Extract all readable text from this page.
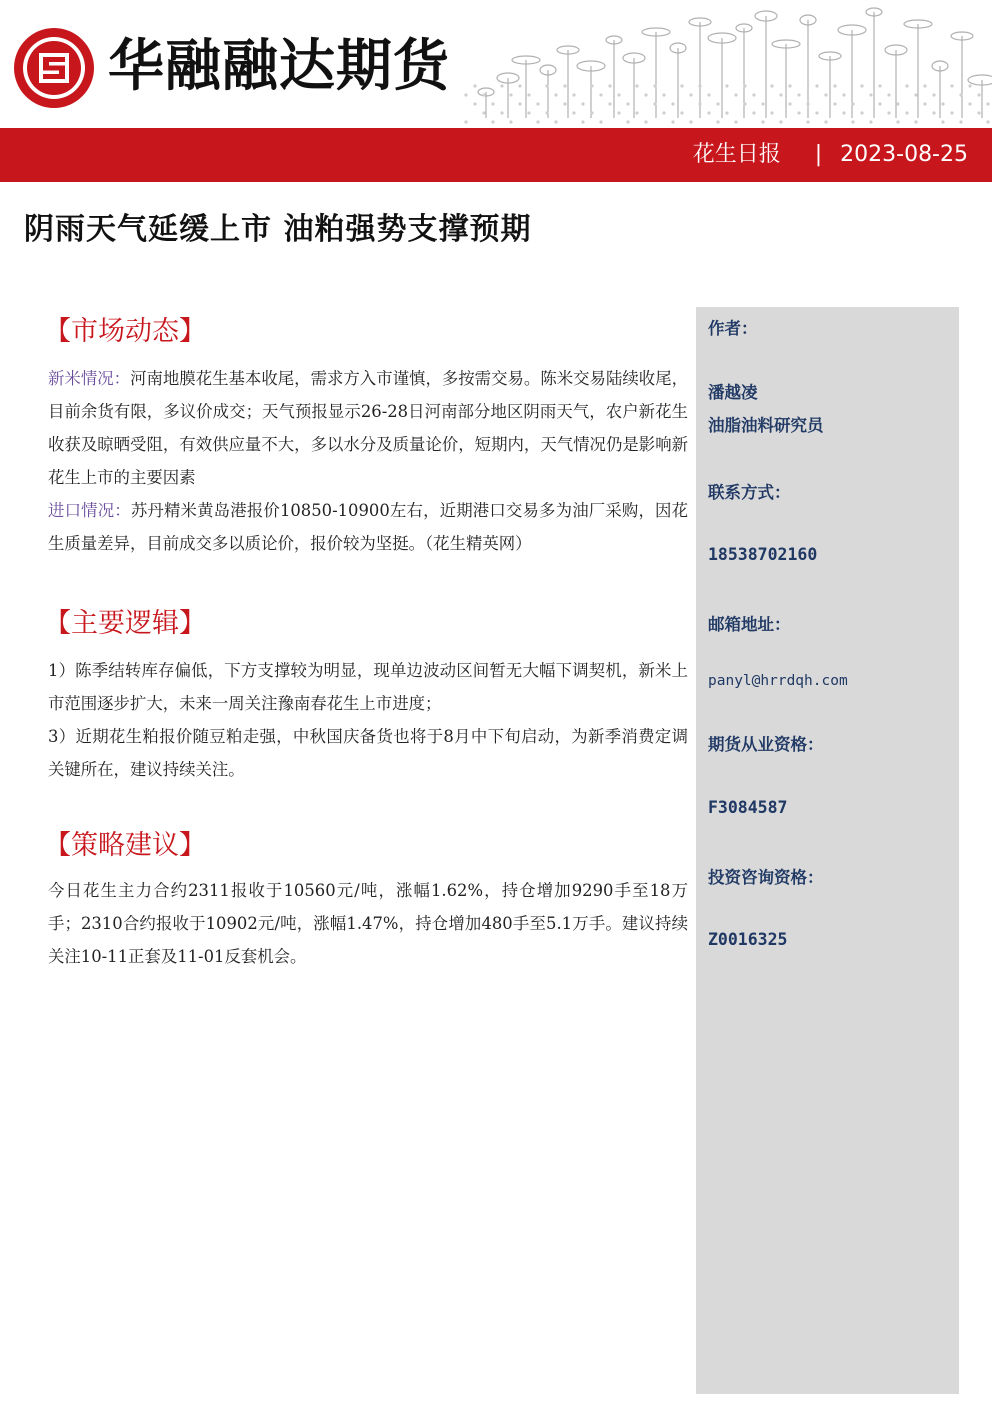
华融融达期货
花生日报 | 2023-08-25
阴雨天气延缓上市 油粕强势支撑预期
【市场动态】

新米情况：河南地膜花生基本收尾，需求方入市谨慎，多按需交易。陈米交易陆续收尾，目前余货有限，多议价成交；天气预报显示26-28日河南部分地区阴雨天气，农户新花生收获及晾晒受阻，有效供应量不大，多以水分及质量论价，短期内，天气情况仍是影响新花生上市的主要因素

进口情况：苏丹精米黄岛港报价10850-10900左右，近期港口交易多为油厂采购，因花生质量差异，目前成交多以质论价，报价较为坚挺。（花生精英网）

【主要逻辑】

1）陈季结转库存偏低，下方支撑较为明显，现单边波动区间暂无大幅下调契机，新米上市范围逐步扩大，未来一周关注豫南春花生上市进度；

3）近期花生粕报价随豆粕走强，中秋国庆备货也将于8月中下旬启动，为新季消费定调关键所在，建议持续关注。

【策略建议】

今日花生主力合约2311报收于10560元/吨，涨幅1.62%，持仓增加9290手至18万手；2310合约报收于10902元/吨，涨幅1.47%，持仓增加480手至5.1万手。建议持续关注10-11正套及11-01反套机会。

作者：
潘越凌
油脂油料研究员
联系方式：
18538702160
邮箱地址：
panyl@hrrdqh.com
期货从业资格：
F3084587
投资咨询资格：
Z0016325
